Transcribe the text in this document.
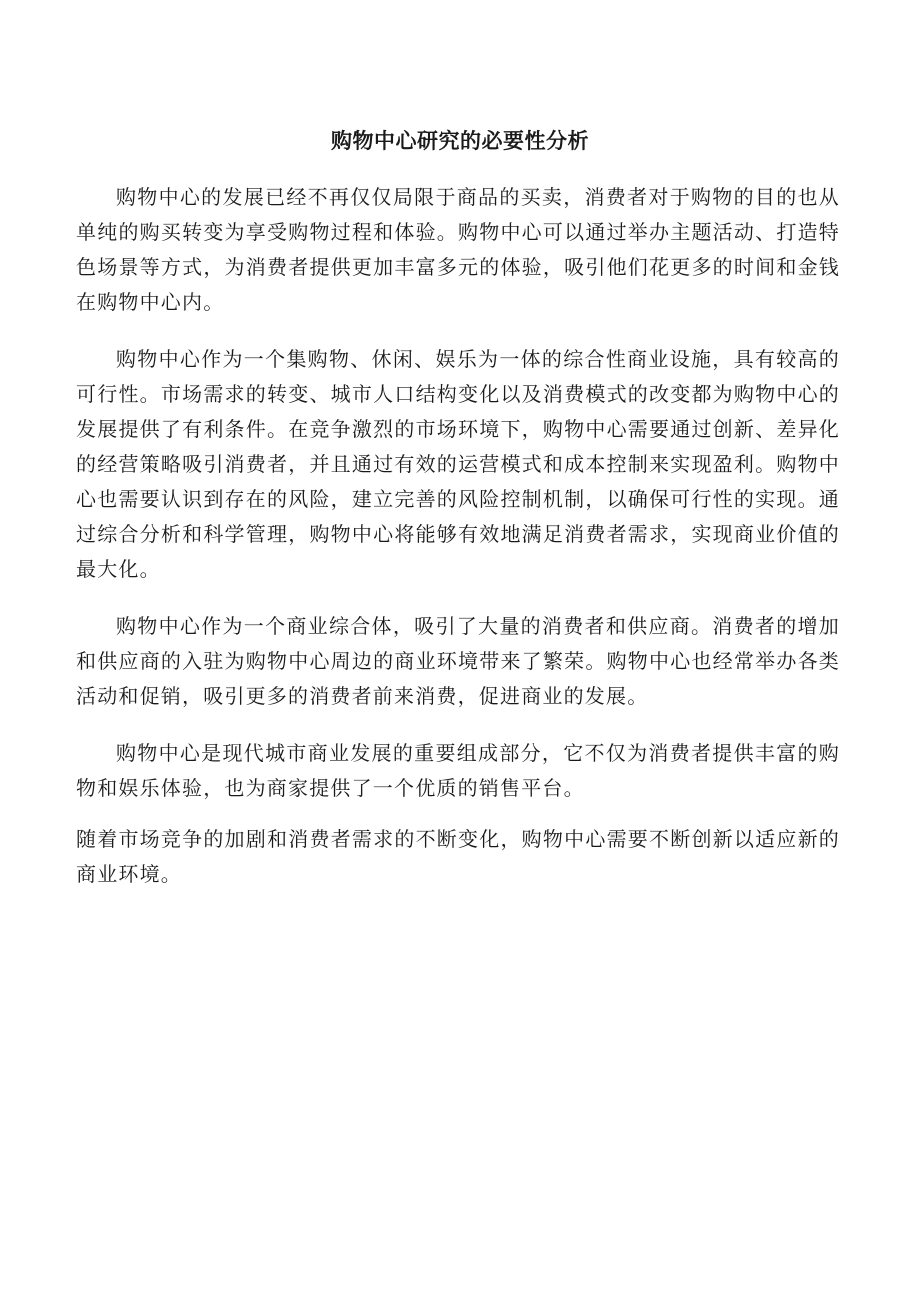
购物中心研究的必要性分析

购物中心的发展已经不再仅仅局限于商品的买卖，消费者对于购物的目的也从单纯的购买转变为享受购物过程和体验。购物中心可以通过举办主题活动、打造特色场景等方式，为消费者提供更加丰富多元的体验，吸引他们花更多的时间和金钱在购物中心内。

购物中心作为一个集购物、休闲、娱乐为一体的综合性商业设施，具有较高的可行性。市场需求的转变、城市人口结构变化以及消费模式的改变都为购物中心的发展提供了有利条件。在竞争激烈的市场环境下，购物中心需要通过创新、差异化的经营策略吸引消费者，并且通过有效的运营模式和成本控制来实现盈利。购物中心也需要认识到存在的风险，建立完善的风险控制机制，以确保可行性的实现。通过综合分析和科学管理，购物中心将能够有效地满足消费者需求，实现商业价值的最大化。

购物中心作为一个商业综合体，吸引了大量的消费者和供应商。消费者的增加和供应商的入驻为购物中心周边的商业环境带来了繁荣。购物中心也经常举办各类活动和促销，吸引更多的消费者前来消费，促进商业的发展。

购物中心是现代城市商业发展的重要组成部分，它不仅为消费者提供丰富的购物和娱乐体验，也为商家提供了一个优质的销售平台。

随着市场竞争的加剧和消费者需求的不断变化，购物中心需要不断创新以适应新的商业环境。
